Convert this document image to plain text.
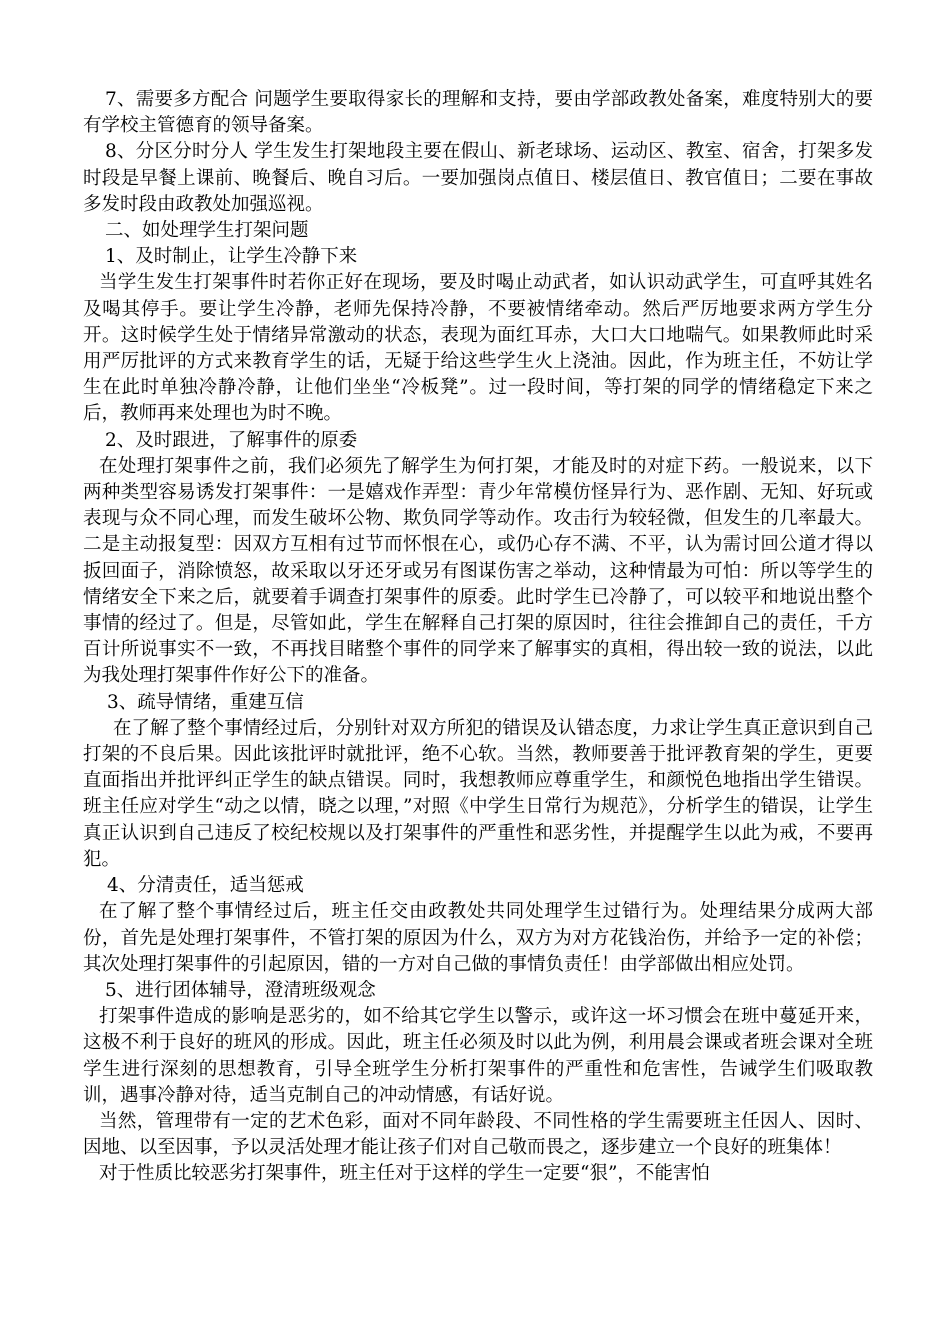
7、需要多方配合 问题学生要取得家长的理解和支持，要由学部政教处备案，难度特别大的要有学校主管德育的领导备案。

8、分区分时分人 学生发生打架地段主要在假山、新老球场、运动区、教室、宿舍，打架多发时段是早餐上课前、晚餐后、晚自习后。一要加强岗点值日、楼层值日、教官值日；二要在事故多发时段由政教处加强巡视。

二、如处理学生打架问题

1、及时制止，让学生冷静下来

当学生发生打架事件时若你正好在现场，要及时喝止动武者，如认识动武学生，可直呼其姓名及喝其停手。要让学生冷静，老师先保持冷静，不要被情绪牵动。然后严厉地要求两方学生分开。这时候学生处于情绪异常激动的状态，表现为面红耳赤，大口大口地喘气。如果教师此时采用严厉批评的方式来教育学生的话，无疑于给这些学生火上浇油。因此，作为班主任，不妨让学生在此时单独冷静冷静，让他们坐坐“冷板凳”。过一段时间，等打架的同学的情绪稳定下来之后，教师再来处理也为时不晚。

2、及时跟进，了解事件的原委

在处理打架事件之前，我们必须先了解学生为何打架，才能及时的对症下药。一般说来，以下两种类型容易诱发打架事件：一是嬉戏作弄型：青少年常模仿怪异行为、恶作剧、无知、好玩或表现与众不同心理，而发生破坏公物、欺负同学等动作。攻击行为较轻微，但发生的几率最大。二是主动报复型：因双方互相有过节而怀恨在心，或仍心存不满、不平，认为需讨回公道才得以扳回面子，消除愤怒，故采取以牙还牙或另有图谋伤害之举动，这种情最为可怕：所以等学生的情绪安全下来之后，就要着手调查打架事件的原委。此时学生已冷静了，可以较平和地说出整个事情的经过了。但是，尽管如此，学生在解释自己打架的原因时，往往会推卸自己的责任，千方百计所说事实不一致，不再找目睹整个事件的同学来了解事实的真相，得出较一致的说法，以此为我处理打架事件作好公下的准备。

3、疏导情绪，重建互信

在了解了整个事情经过后，分别针对双方所犯的错误及认错态度，力求让学生真正意识到自己打架的不良后果。因此该批评时就批评，绝不心软。当然，教师要善于批评教育架的学生，更要直面指出并批评纠正学生的缺点错误。同时，我想教师应尊重学生，和颜悦色地指出学生错误。班主任应对学生“动之以情，晓之以理，”对照《中学生日常行为规范》，分析学生的错误，让学生真正认识到自己违反了校纪校规以及打架事件的严重性和恶劣性，并提醒学生以此为戒，不要再犯。

4、分清责任，适当惩戒

在了解了整个事情经过后，班主任交由政教处共同处理学生过错行为。处理结果分成两大部份，首先是处理打架事件，不管打架的原因为什么，双方为对方花钱治伤，并给予一定的补偿；其次处理打架事件的引起原因，错的一方对自己做的事情负责任！由学部做出相应处罚。

5、进行团体辅导，澄清班级观念

打架事件造成的影响是恶劣的，如不给其它学生以警示，或许这一坏习惯会在班中蔓延开来，这极不利于良好的班风的形成。因此，班主任必须及时以此为例，利用晨会课或者班会课对全班学生进行深刻的思想教育，引导全班学生分析打架事件的严重性和危害性，告诫学生们吸取教训，遇事冷静对待，适当克制自己的冲动情感，有话好说。

当然，管理带有一定的艺术色彩，面对不同年龄段、不同性格的学生需要班主任因人、因时、因地、以至因事，予以灵活处理才能让孩子们对自己敬而畏之，逐步建立一个良好的班集体！

对于性质比较恶劣打架事件，班主任对于这样的学生一定要“狠”，不能害怕
